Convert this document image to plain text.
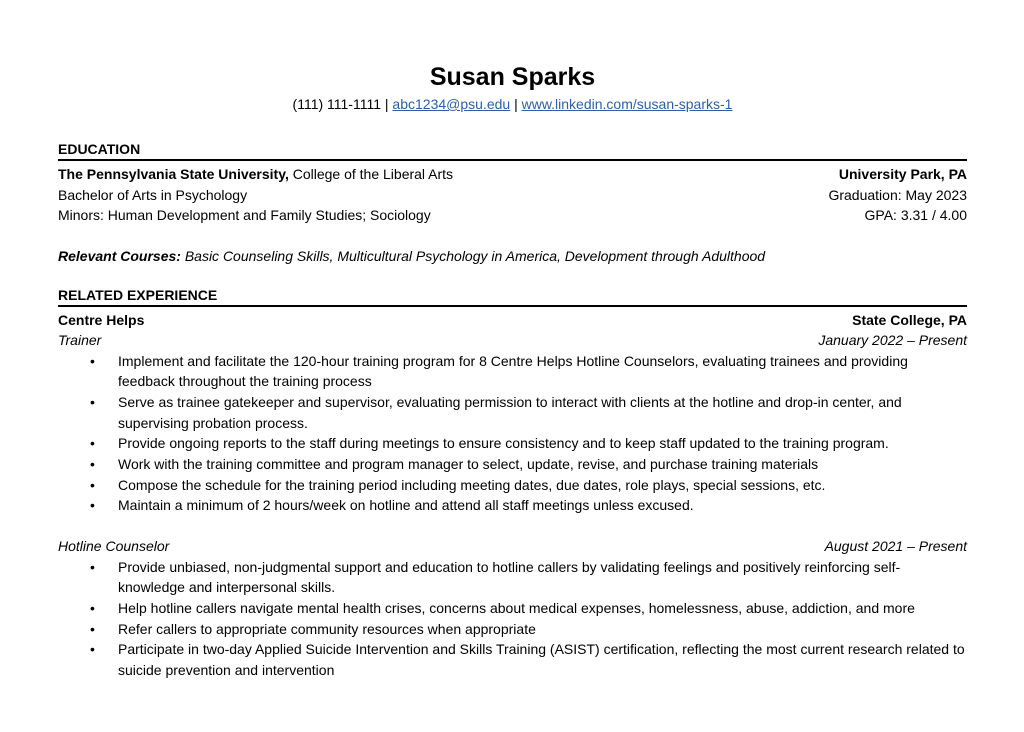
Susan Sparks
(111) 111-1111 | abc1234@psu.edu | www.linkedin.com/susan-sparks-1
EDUCATION
The Pennsylvania State University, College of the Liberal Arts	University Park, PA
Bachelor of Arts in Psychology	Graduation: May 2023
Minors: Human Development and Family Studies; Sociology	GPA: 3.31 / 4.00
Relevant Courses: Basic Counseling Skills, Multicultural Psychology in America, Development through Adulthood
RELATED EXPERIENCE
Centre Helps	State College, PA
Trainer	January 2022 – Present
• Implement and facilitate the 120-hour training program for 8 Centre Helps Hotline Counselors, evaluating trainees and providing feedback throughout the training process
• Serve as trainee gatekeeper and supervisor, evaluating permission to interact with clients at the hotline and drop-in center, and supervising probation process.
• Provide ongoing reports to the staff during meetings to ensure consistency and to keep staff updated to the training program.
• Work with the training committee and program manager to select, update, revise, and purchase training materials
• Compose the schedule for the training period including meeting dates, due dates, role plays, special sessions, etc.
• Maintain a minimum of 2 hours/week on hotline and attend all staff meetings unless excused.
Hotline Counselor	August 2021 – Present
• Provide unbiased, non-judgmental support and education to hotline callers by validating feelings and positively reinforcing self-knowledge and interpersonal skills.
• Help hotline callers navigate mental health crises, concerns about medical expenses, homelessness, abuse, addiction, and more
• Refer callers to appropriate community resources when appropriate
• Participate in two-day Applied Suicide Intervention and Skills Training (ASIST) certification, reflecting the most current research related to suicide prevention and intervention
